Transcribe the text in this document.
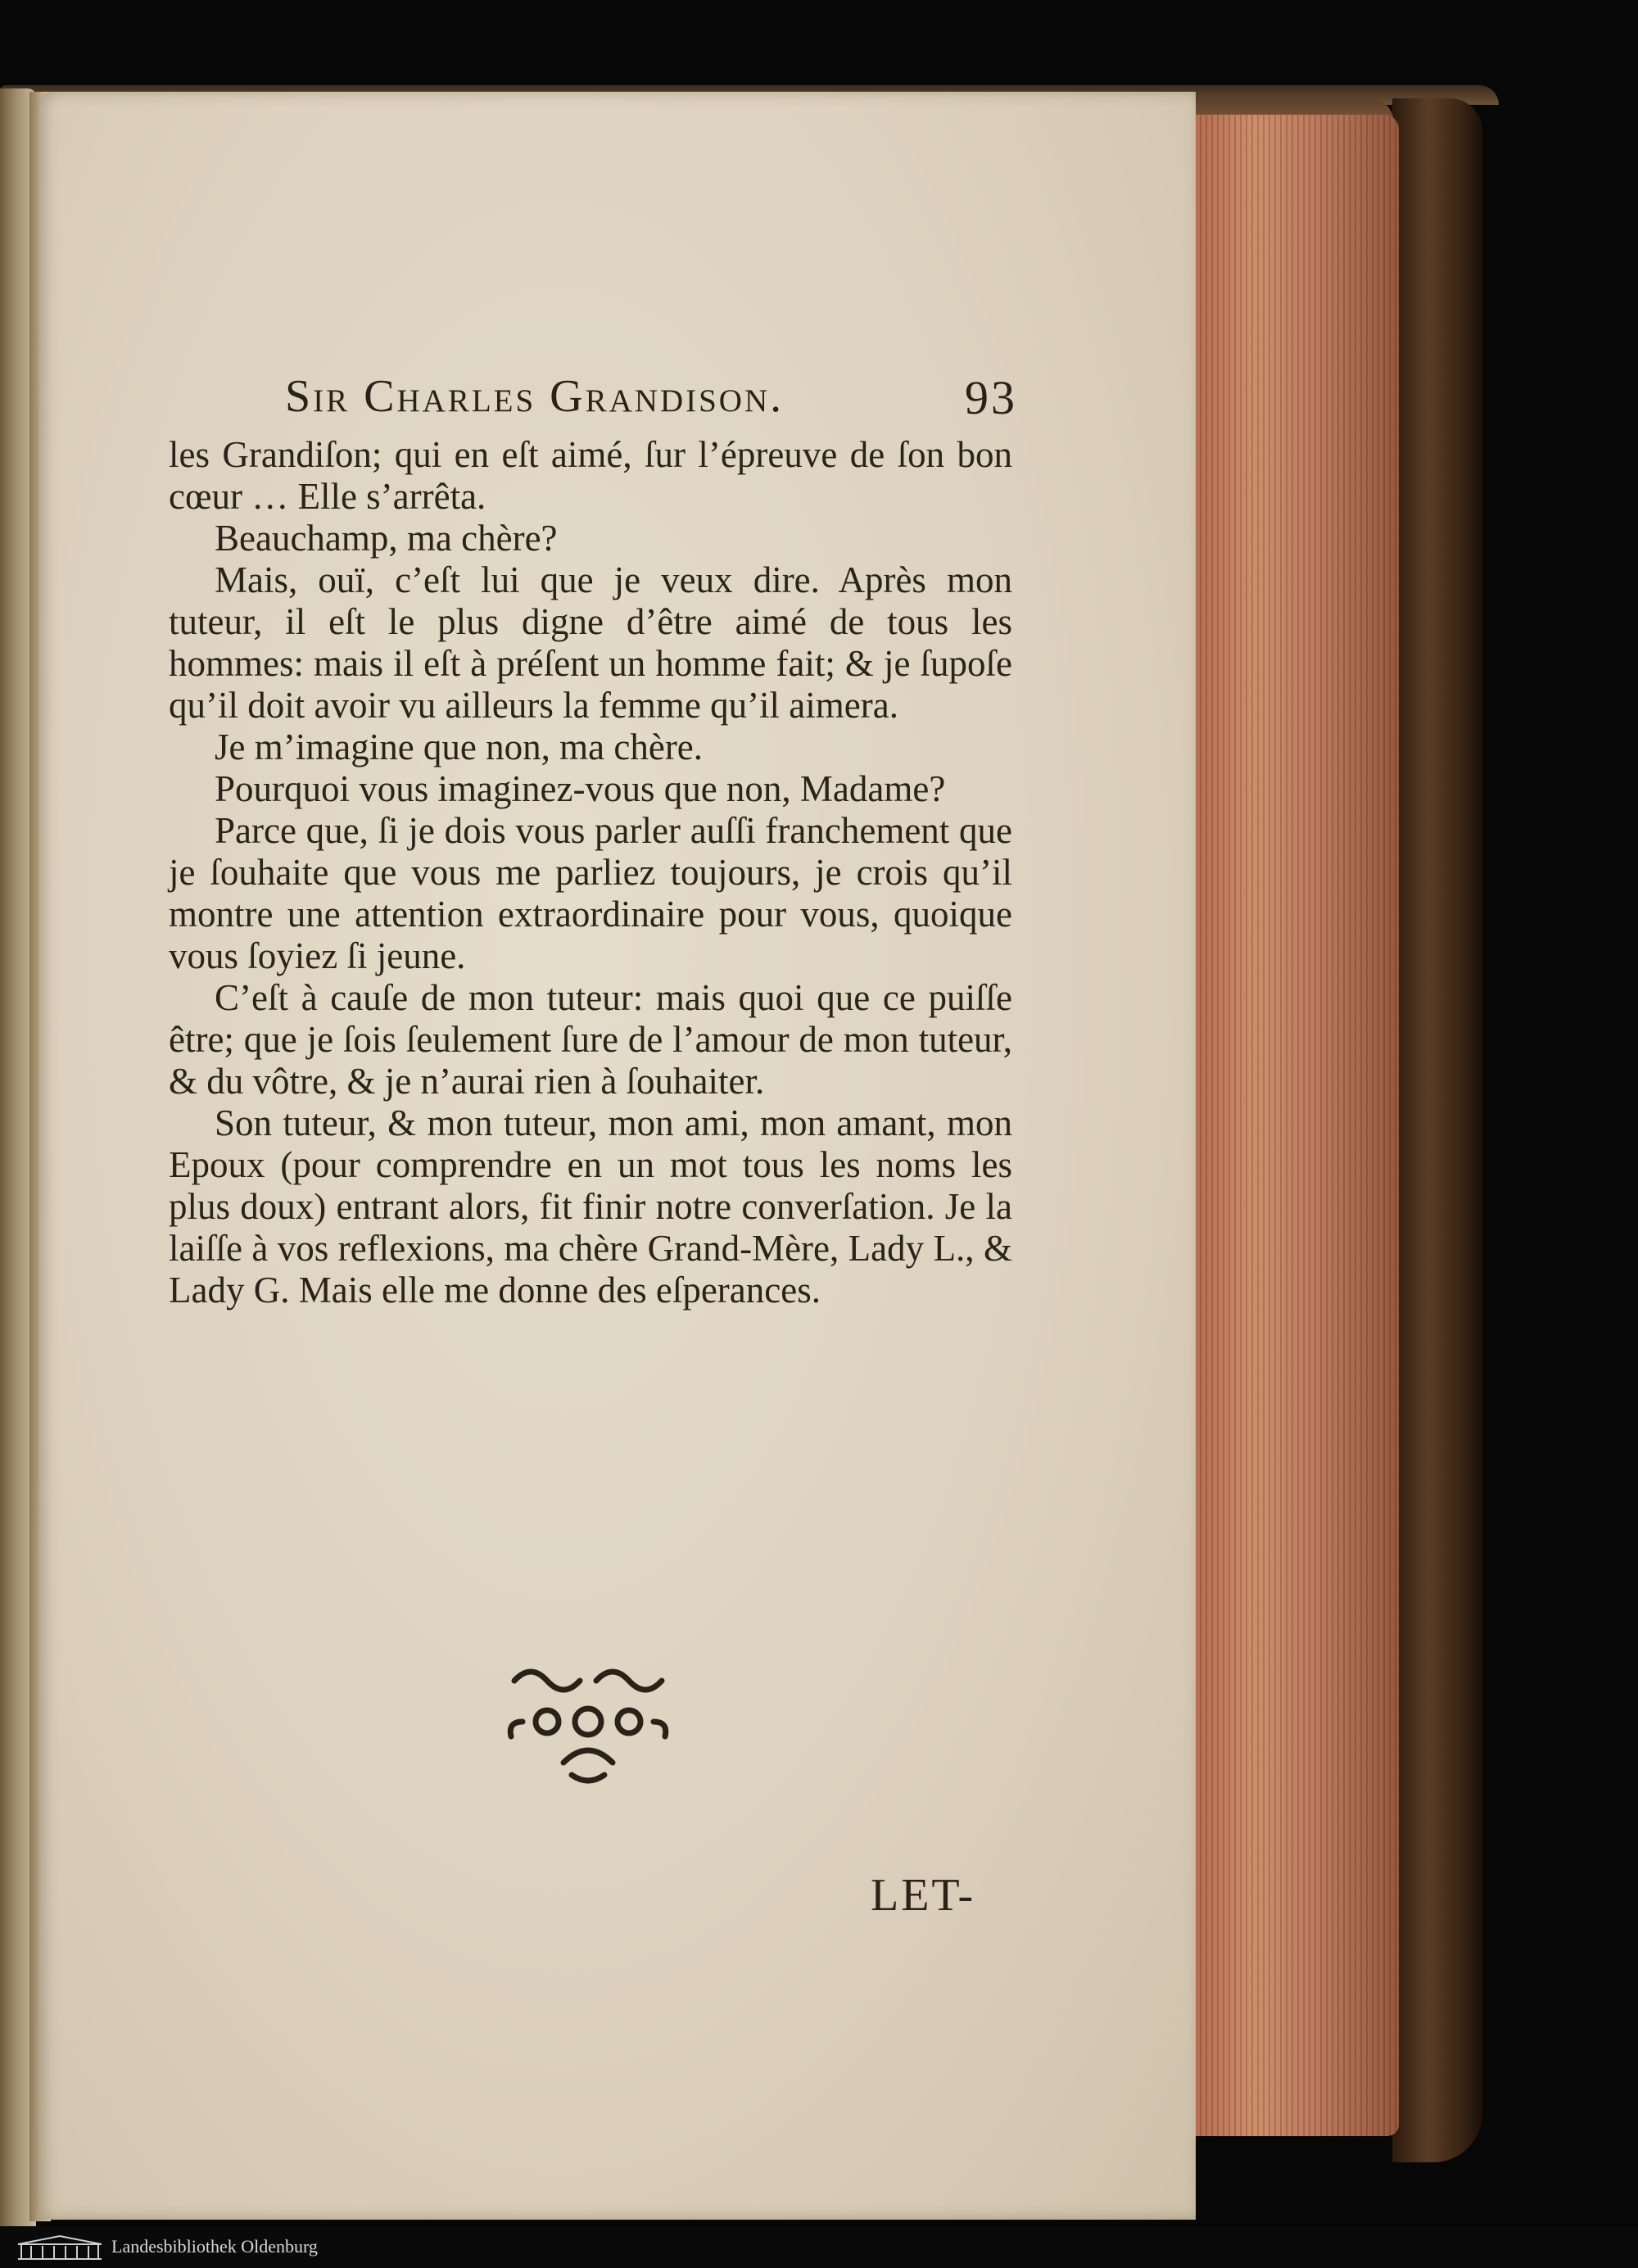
Sir Charles Grandison.	93

les Grandiſon; qui en eſt aimé, ſur l’épreuve de ſon bon cœur … Elle s’arrêta.

Beauchamp, ma chère?

Mais, ouï, c’eſt lui que je veux dire. Après mon tuteur, il eſt le plus digne d’être aimé de tous les hommes: mais il eſt à préſent un homme fait; & je ſupoſe qu’il doit avoir vu ailleurs la femme qu’il aimera.

Je m’imagine que non, ma chère.

Pourquoi vous imaginez-vous que non, Madame?

Parce que, ſi je dois vous parler auſſi franchement que je ſouhaite que vous me parliez toujours, je crois qu’il montre une attention extraordinaire pour vous, quoique vous ſoyiez ſi jeune.

C’eſt à cauſe de mon tuteur: mais quoi que ce puiſſe être; que je ſois ſeulement ſure de l’amour de mon tuteur, & du vôtre, & je n’aurai rien à ſouhaiter.

Son tuteur, & mon tuteur, mon ami, mon amant, mon Epoux (pour comprendre en un mot tous les noms les plus doux) entrant alors, fit finir notre converſation. Je la laiſſe à vos reflexions, ma chère Grand-Mère, Lady L., & Lady G. Mais elle me donne des eſperances.

LET-
Landesbibliothek Oldenburg
